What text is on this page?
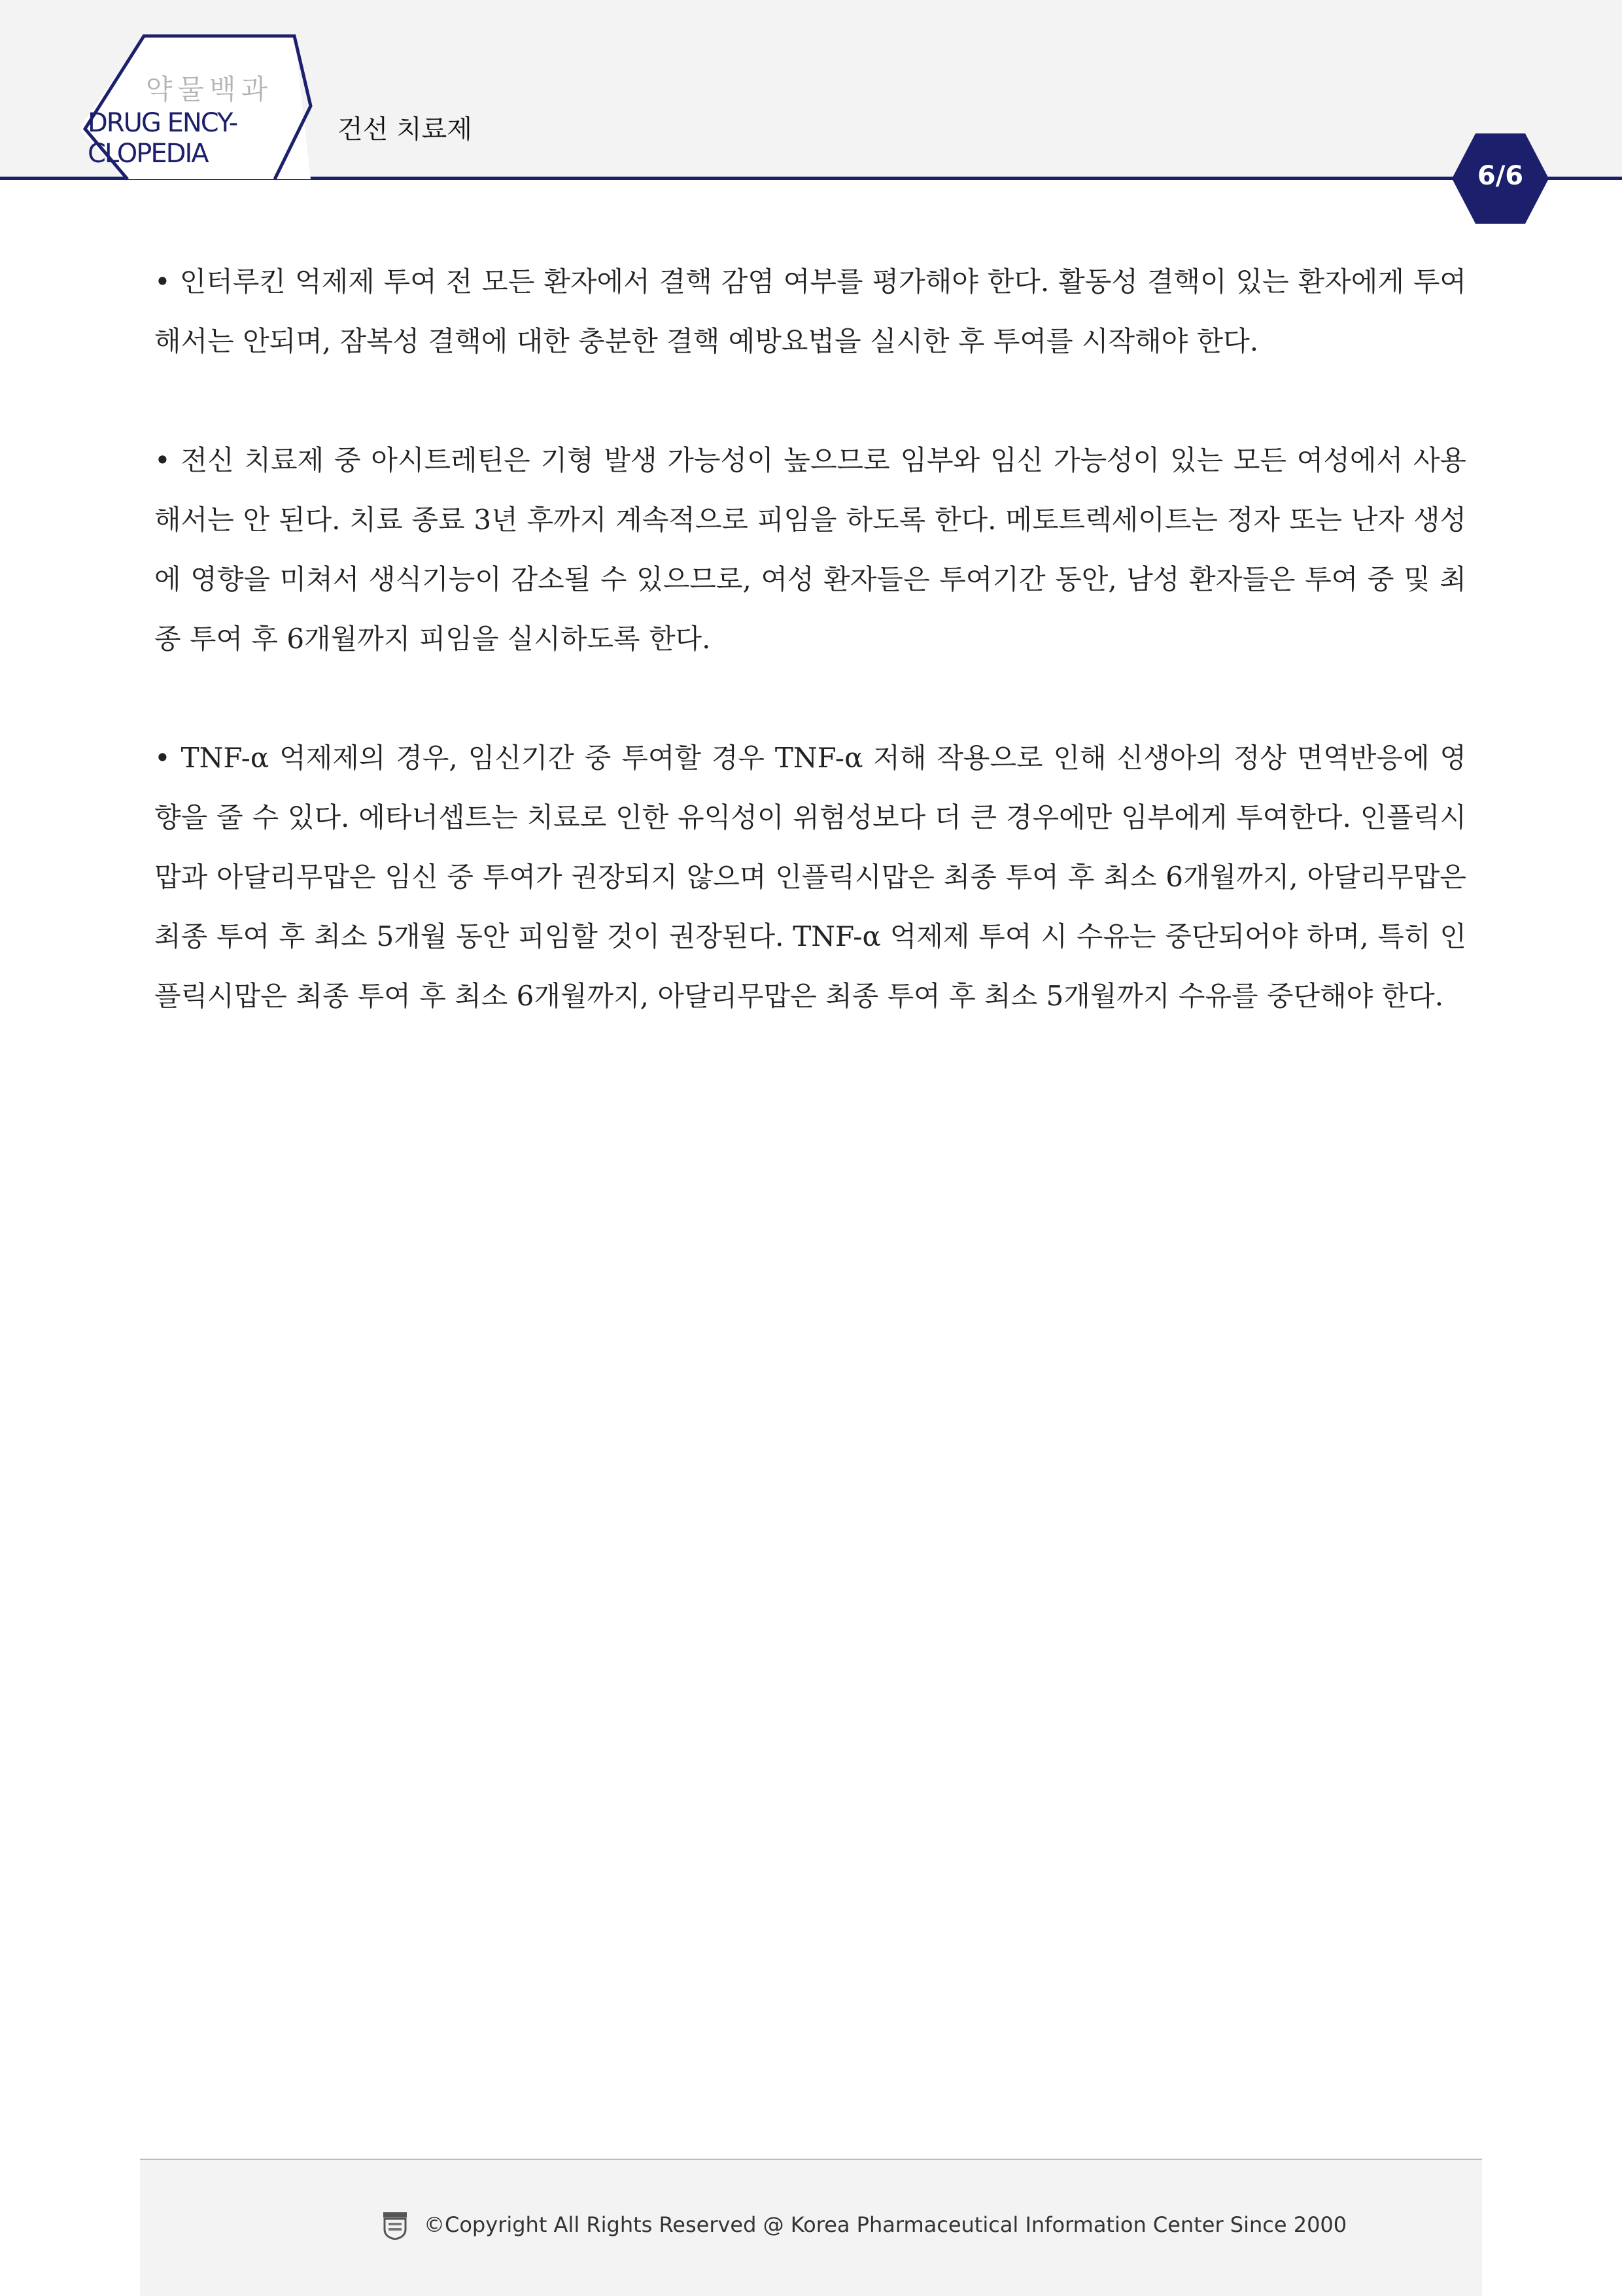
약물백과
DRUG ENCY-
CLOPEDIA
건선 치료제
6/6

• 인터루킨 억제제 투여 전 모든 환자에서 결핵 감염 여부를 평가해야 한다. 활동성 결핵이 있는 환자에게 투여해서는 안되며, 잠복성 결핵에 대한 충분한 결핵 예방요법을 실시한 후 투여를 시작해야 한다.

• 전신 치료제 중 아시트레틴은 기형 발생 가능성이 높으므로 임부와 임신 가능성이 있는 모든 여성에서 사용해서는 안 된다. 치료 종료 3년 후까지 계속적으로 피임을 하도록 한다. 메토트렉세이트는 정자 또는 난자 생성에 영향을 미쳐서 생식기능이 감소될 수 있으므로, 여성 환자들은 투여기간 동안, 남성 환자들은 투여 중 및 최종 투여 후 6개월까지 피임을 실시하도록 한다.

• TNF-α 억제제의 경우, 임신기간 중 투여할 경우 TNF-α 저해 작용으로 인해 신생아의 정상 면역반응에 영향을 줄 수 있다. 에타너셉트는 치료로 인한 유익성이 위험성보다 더 큰 경우에만 임부에게 투여한다. 인플릭시맙과 아달리무맙은 임신 중 투여가 권장되지 않으며 인플릭시맙은 최종 투여 후 최소 6개월까지, 아달리무맙은 최종 투여 후 최소 5개월 동안 피임할 것이 권장된다. TNF-α 억제제 투여 시 수유는 중단되어야 하며, 특히 인플릭시맙은 최종 투여 후 최소 6개월까지, 아달리무맙은 최종 투여 후 최소 5개월까지 수유를 중단해야 한다.

©Copyright All Rights Reserved @ Korea Pharmaceutical Information Center Since 2000
